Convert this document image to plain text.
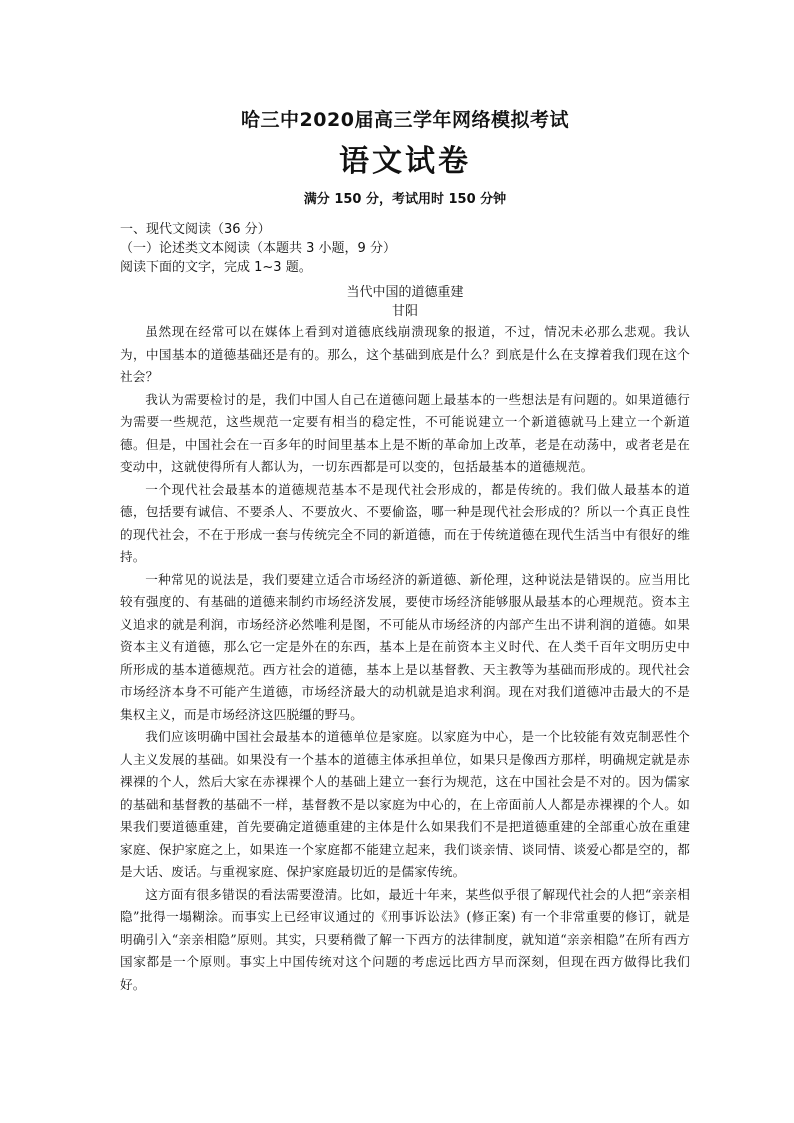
哈三中2020届高三学年网络模拟考试
语文试卷
满分 150 分，考试用时 150 分钟

一、现代文阅读（36 分）

（一）论述类文本阅读（本题共 3 小题，9 分）

阅读下面的文字，完成 1~3 题。

当代中国的道德重建

甘阳

虽然现在经常可以在媒体上看到对道德底线崩溃现象的报道，不过，情况未必那么悲观。我认为，中国基本的道德基础还是有的。那么，这个基础到底是什么？到底是什么在支撑着我们现在这个社会？

我认为需要检讨的是，我们中国人自己在道德问题上最基本的一些想法是有问题的。如果道德行为需要一些规范，这些规范一定要有相当的稳定性，不可能说建立一个新道德就马上建立一个新道德。但是，中国社会在一百多年的时间里基本上是不断的革命加上改革，老是在动荡中，或者老是在变动中，这就使得所有人都认为，一切东西都是可以变的，包括最基本的道德规范。

一个现代社会最基本的道德规范基本不是现代社会形成的，都是传统的。我们做人最基本的道德，包括要有诚信、不要杀人、不要放火、不要偷盗，哪一种是现代社会形成的？所以一个真正良性的现代社会，不在于形成一套与传统完全不同的新道德，而在于传统道德在现代生活当中有很好的维持。

一种常见的说法是，我们要建立适合市场经济的新道德、新伦理，这种说法是错误的。应当用比较有强度的、有基础的道德来制约市场经济发展，要使市场经济能够服从最基本的心理规范。资本主义追求的就是利润，市场经济必然唯利是图，不可能从市场经济的内部产生出不讲利润的道德。如果资本主义有道德，那么它一定是外在的东西，基本上是在前资本主义时代、在人类千百年文明历史中所形成的基本道德规范。西方社会的道德，基本上是以基督教、天主教等为基础而形成的。现代社会市场经济本身不可能产生道德，市场经济最大的动机就是追求利润。现在对我们道德冲击最大的不是集权主义，而是市场经济这匹脱缰的野马。

我们应该明确中国社会最基本的道德单位是家庭。以家庭为中心，是一个比较能有效克制恶性个人主义发展的基础。如果没有一个基本的道德主体承担单位，如果只是像西方那样，明确规定就是赤裸裸的个人，然后大家在赤裸裸个人的基础上建立一套行为规范，这在中国社会是不对的。因为儒家的基础和基督教的基础不一样，基督教不是以家庭为中心的，在上帝面前人人都是赤裸裸的个人。如果我们要道德重建，首先要确定道德重建的主体是什么如果我们不是把道德重建的全部重心放在重建家庭、保护家庭之上，如果连一个家庭都不能建立起来，我们谈亲情、谈同情、谈爱心都是空的，都是大话、废话。与重视家庭、保护家庭最切近的是儒家传统。

这方面有很多错误的看法需要澄清。比如，最近十年来，某些似乎很了解现代社会的人把“亲亲相隐”批得一塌糊涂。而事实上已经审议通过的《刑事诉讼法》(修正案) 有一个非常重要的修订，就是明确引入“亲亲相隐”原则。其实，只要稍微了解一下西方的法律制度，就知道“亲亲相隐”在所有西方国家都是一个原则。事实上中国传统对这个问题的考虑远比西方早而深刻，但现在西方做得比我们好。
